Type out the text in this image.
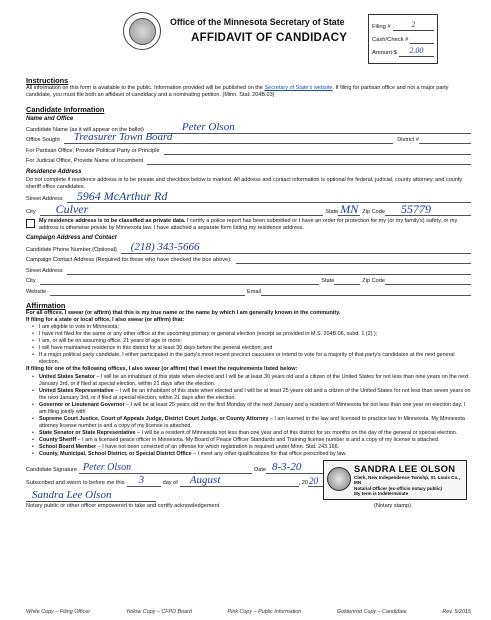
Office of the Minnesota Secretary of State
AFFIDAVIT OF CANDIDACY
Filing #	2
Cash/Check #
Amount $	2.00
Instructions
All information on this form is available to the public. Information provided will be published on the Secretary of State's website. If filing for partisan office and not a major party candidate, you must file both an affidavit of candidacy and a nominating petition. (Minn. Stat. 204B.03)
Candidate Information
Name and Office
Candidate Name (as it will appear on the ballot)	Peter Olson
Office Sought Treasurer Town Board	District #
For Partisan Office, Provide Political Party or Principle
For Judicial Office, Provide Name of Incumbent
Residence Address
Do not complete if residence address is to be private and checkbox below is marked. All address and contact information is optional for federal, judicial, county attorney, and county sheriff office candidates.
Street Address 5964 McArthur Rd
City Culver	State MN Zip Code 55779
My residence address is to be classified as private data. I certify a police report has been submitted or I have an order for protection for my (or my family's) safety, or my address is otherwise private by Minnesota law. I have attached a separate form listing my residence address.
Campaign Address and Contact
Candidate Phone Number (Optional) (218) 343-5666
Campaign Contact Address (Required for those who have checked the box above):
Street Address
City	State	Zip Code
Website	Email
Affirmation
For all offices, I swear (or affirm) that this is my true name or the name by which I am generally known in the community.
If filing for a state or local office, I also swear (or affirm) that:
• I am eligible to vote in Minnesota;
• I have not filed for the same or any other office at the upcoming primary or general election (except as provided in M.S. 204B.06, subd. 1 (2) );
• I am, or will be on assuming office, 21 years of age or more;
• I will have maintained residence in this district for at least 30 days before the general election; and
• If a major political party candidate, I either participated in the party's most recent precinct caucuses or intend to vote for a majority of that party's candidates at the next general election.
If filing for one of the following offices, I also swear (or affirm) that I meet the requirements listed below:
• United States Senator – I will be an inhabitant of this state when elected and I will be at least 30 years old and a citizen of the United States for not less than nine years on the next January 3rd, or if filed at special election, within 21 days after the election.
• United States Representative – I will be an inhabitant of this state when elected and I will be at least 25 years old and a citizen of the United States for not less than seven years on the next January 3rd, or if filed at special election, within 21 days after the election.
• Governor or Lieutenant Governor – I will be at least 25 years old on the first Monday of the next January and a resident of Minnesota for not less than one year on election day. I am filing jointly with
• Supreme Court Justice, Court of Appeals Judge, District Court Judge, or County Attorney – I am learned in the law and licensed to practice law in Minnesota. My Minnesota attorney license number is and a copy of my license is attached.
• State Senator or State Representative – I will be a resident of Minnesota not less than one year and of this district for six months on the day of the general or special election.
• County Sheriff – I am a licensed peace officer in Minnesota. My Board of Peace Officer Standards and Training license number is and a copy of my license is attached.
• School Board Member – I have not been convicted of an offense for which registration is required under Minn. Stat. 243.166.
• County, Municipal, School District, or Special District Office – I meet any other qualifications for that office prescribed by law.
Candidate Signature Peter Olson	Date 8-3-20
Subscribed and sworn to before me this 3	day of August	, 20 20
Sandra Lee Olson
Notary public or other officer empowered to take and certify acknowledgement	(Notary stamp)
SANDRA LEE OLSON
Clerk, New Independence Twnshp, St. Louis Co., MN
Notarial Officer (ex-officio notary public)
My term is Indeterminate
White Copy – Filing Officer	Yellow Copy – CFPD Board	Pink Copy – Public Information	Goldenrod Copy – Candidate	Rev. 5/2015
